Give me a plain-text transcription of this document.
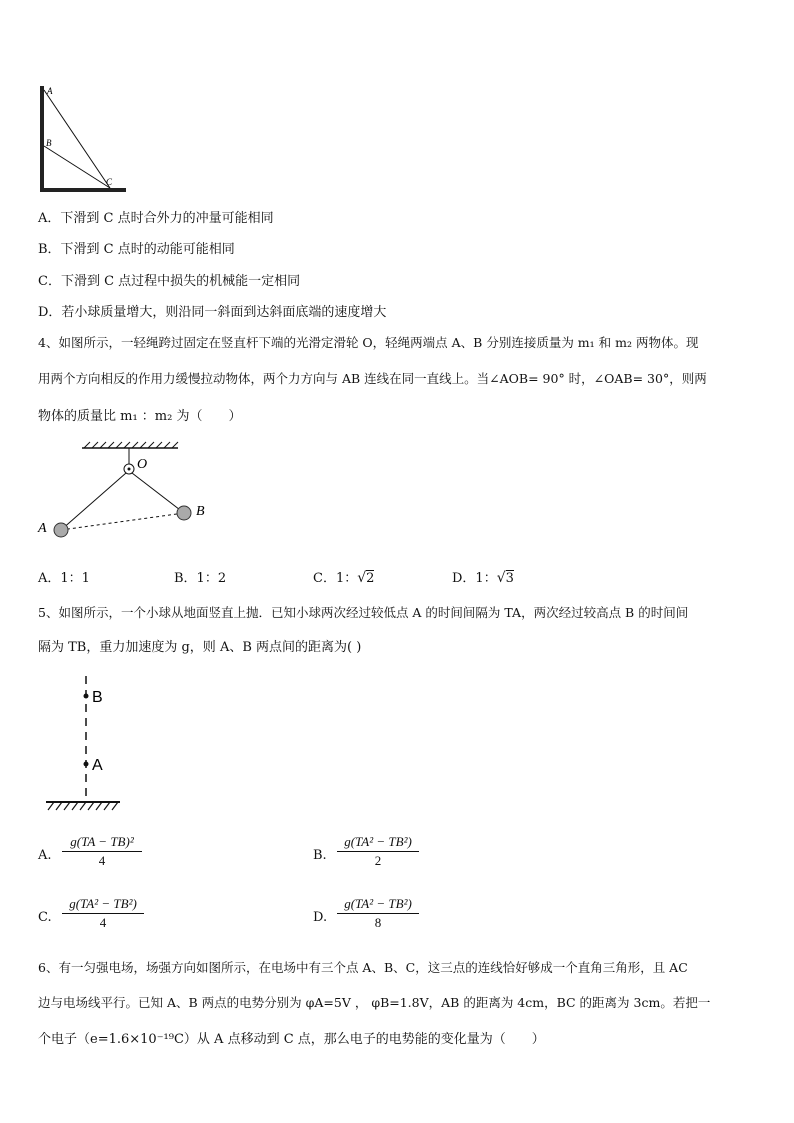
A
B
C
A．下滑到 C 点时合外力的冲量可能相同
B．下滑到 C 点时的动能可能相同
C．下滑到 C 点过程中损失的机械能一定相同
D．若小球质量增大，则沿同一斜面到达斜面底端的速度增大
4、如图所示，一轻绳跨过固定在竖直杆下端的光滑定滑轮 O，轻绳两端点 A、B 分别连接质量为 m₁ 和 m₂ 两物体。现
用两个方向相反的作用力缓慢拉动物体，两个力方向与 AB 连线在同一直线上。当∠AOB= 90° 时，∠OAB= 30°，则两
物体的质量比 m₁ ：m₂ 为（　　）
O
A
B
A．1：1	B．1：2	C．1：√2	D．1：√3
5、如图所示，一个小球从地面竖直上抛．已知小球两次经过较低点 A 的时间间隔为 TA，两次经过较高点 B 的时间间
隔为 TB，重力加速度为 g，则 A、B 两点间的距离为( )
B
A
A.
g(TA − TB)²
4	B.
g(TA² − TB²)
2
C.
g(TA² − TB²)
4	D.
g(TA² − TB²)
8
6、有一匀强电场，场强方向如图所示，在电场中有三个点 A、B、C，这三点的连线恰好够成一个直角三角形，且 AC
边与电场线平行。已知 A、B 两点的电势分别为 φA=5V ， φB=1.8V，AB 的距离为 4cm，BC 的距离为 3cm。若把一
个电子（e=1.6×10⁻¹⁹C）从 A 点移动到 C 点，那么电子的电势能的变化量为（　　）
